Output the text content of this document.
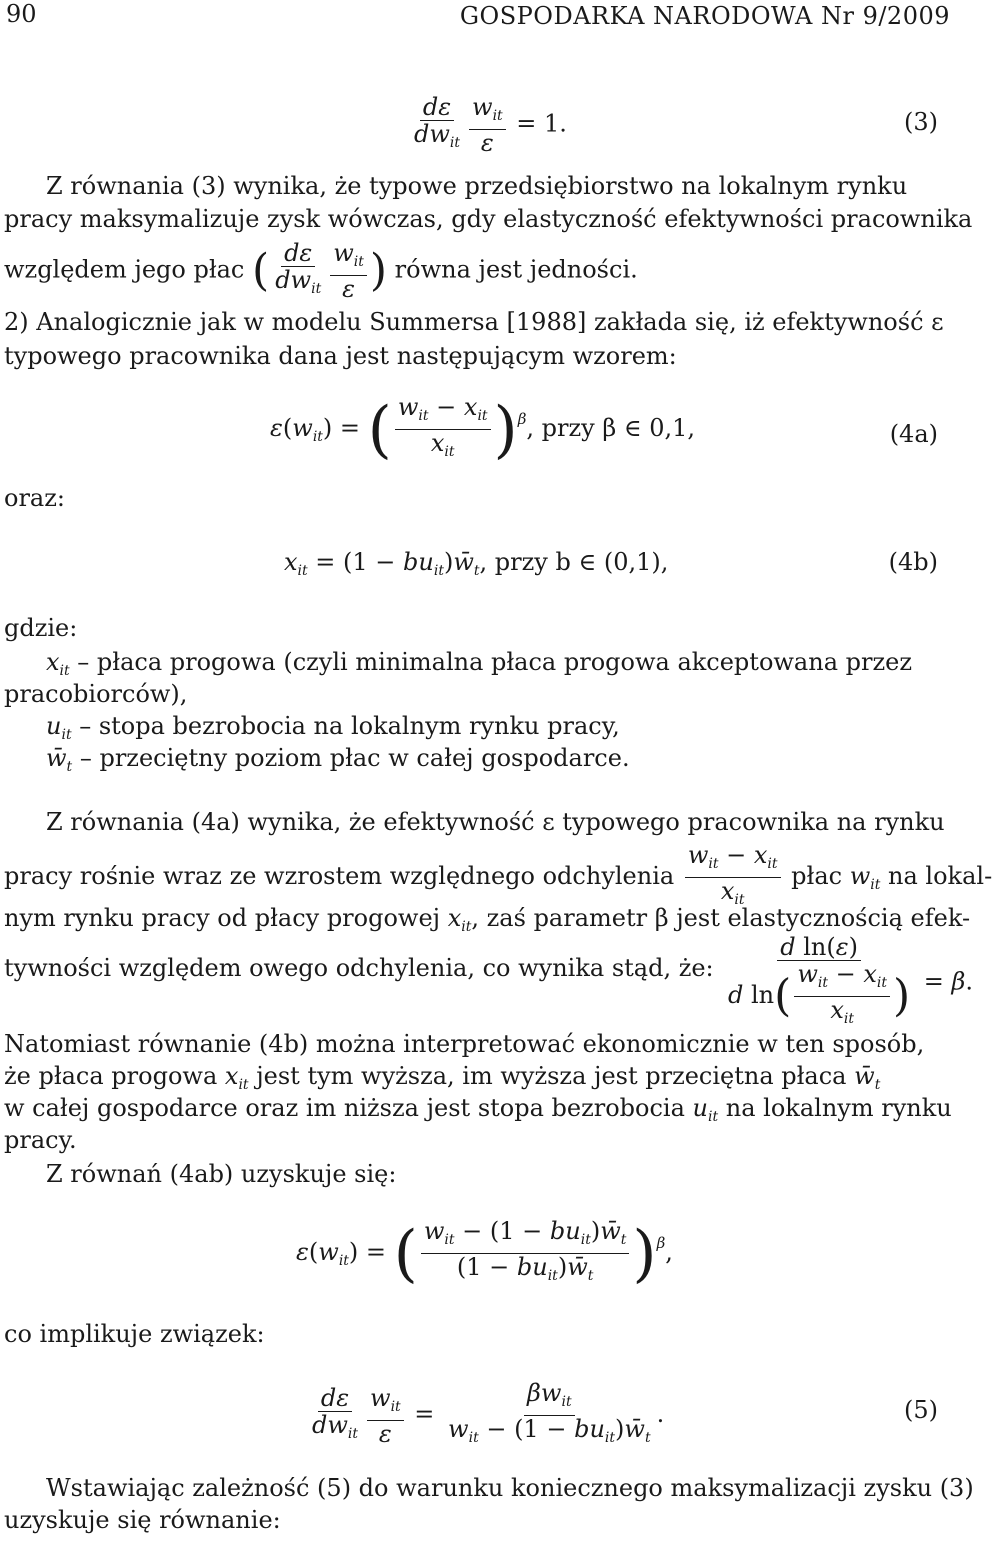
90	GOSPODARKA NARODOWA Nr 9/2009
$\frac{d\varepsilon}{dw_{it}} \frac{w_{it}}{\varepsilon} = 1$.	(3)
Z równania (3) wynika, że typowe przedsiębiorstwo na lokalnym rynku
pracy maksymalizuje zysk wówczas, gdy elastyczność efektywności pracownika
względem jego płac ( $\frac{d\varepsilon}{dw_{it}} \frac{w_{it}}{\varepsilon}$ ) równa jest jedności.
2) Analogicznie jak w modelu Summersa [1988] zakłada się, iż efektywność ε
typowego pracownika dana jest następującym wzorem:
$\varepsilon(w_{it})$ = ( $\frac{w_{it} - x_{it}}{x_{it}} )^\beta$, przy β ∈ 0,1,	(4a)
oraz:
$x_{it} = (1$ − $bu_{it})w̄_t$, przy b ∈ (0,1),	(4b)
gdzie:
$x_{it}$ – płaca progowa (czyli minimalna płaca progowa akceptowana przez
pracobiorców),
$u_{it}$ – stopa bezrobocia na lokalnym rynku pracy,
$w̄_t$ – przeciętny poziom płac w całej gospodarce.
Z równania (4a) wynika, że efektywność ε typowego pracownika na rynku
pracy rośnie wraz ze wzrostem względnego odchylenia $\frac{w_{it} - x_{it}}{x_{it}}$ płac $w_{it}$ na lokal-
nym rynku pracy od płacy progowej $x_{it}$, zaś parametr β jest elastycznością efek-
tywności względem owego odchylenia, co wynika stąd, że: $\frac{\text{d ln(ε)}}{d \ln( \frac{w_{it} - x_{it}}{x_{it}} )} = \beta$.
Natomiast równanie (4b) można interpretować ekonomicznie w ten sposób,
że płaca progowa $x_{it}$ jest tym wyższa, im wyższa jest przeciętna płaca $w̄_t$
w całej gospodarce oraz im niższa jest stopa bezrobocia $u_{it}$ na lokalnym rynku
pracy.
Z równań (4ab) uzyskuje się:
$\varepsilon(w_{it})$ = ( $\frac{w_{it} - (1 - bu_{it})w̄_t}{(1 - bu_{it})w̄_t} )^\beta$,
co implikuje związek:
$\frac{d\varepsilon}{dw_{it}} \frac{w_{it}}{\varepsilon} = \frac{\beta w_{it}}{w_{it} - (1 - bu_{it})w̄_t}$ .	(5)
Wstawiając zależność (5) do warunku koniecznego maksymalizacji zysku (3)
uzyskuje się równanie:
